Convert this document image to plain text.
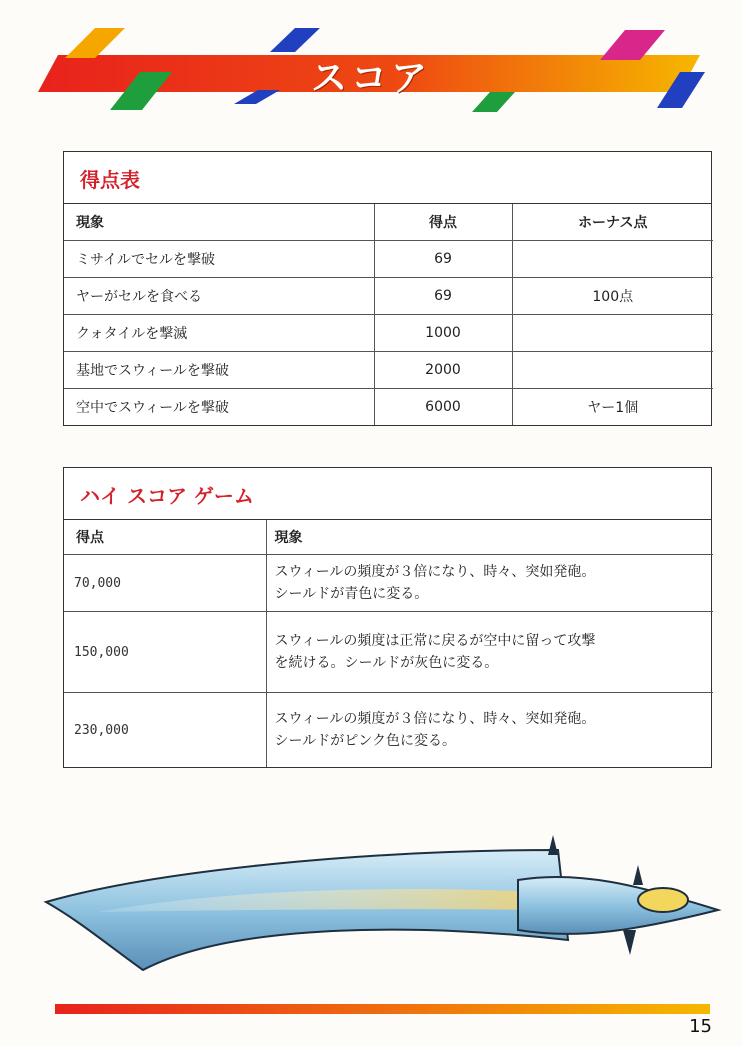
スコア
得点表
現象	得点	ホーナス点
ミサイルでセルを撃破	69	
ヤーがセルを食べる	69	100点
クォタイルを撃滅	1000	
基地でスウィールを撃破	2000	
空中でスウィールを撃破	6000	ヤー1個
ハイ スコア ゲーム
得点	現象
70,000	スウィールの頻度が３倍になり、時々、突如発砲。
シールドが青色に変る。

150,000	スウィールの頻度は正常に戻るが空中に留って攻撃
を続ける。シールドが灰色に変る。

230,000	スウィールの頻度が３倍になり、時々、突如発砲。
シールドがピンク色に変る。
15
